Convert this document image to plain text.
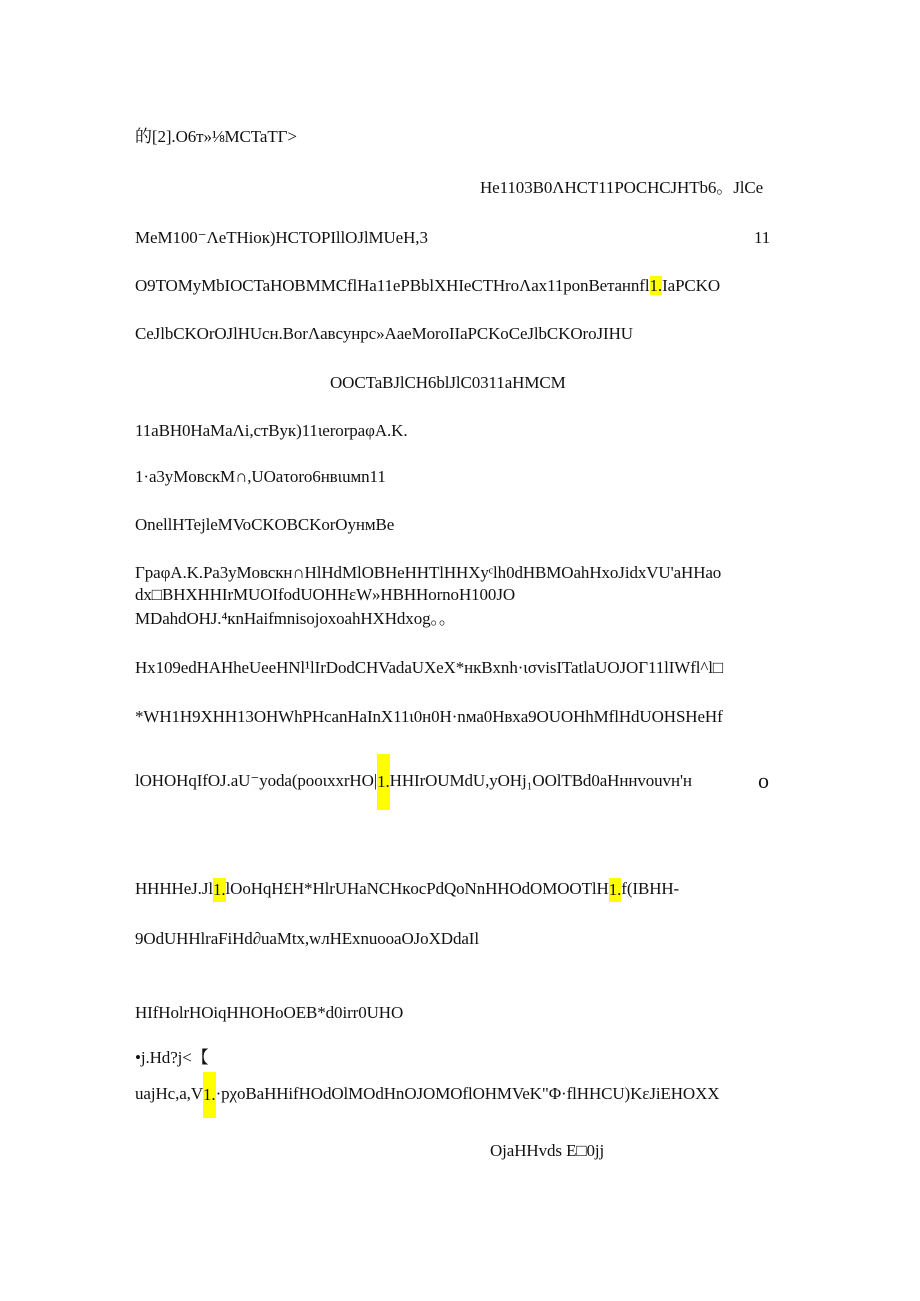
的[2].O6т»⅛MCTaTΓ>
He1103B0ΛHCT11POCHCJHTb6。JlCe
MeM100⁻ΛeTHioк)HCTOPIllOJlMUeH,3	11
O9TOMyMbIOCTaHOBMMCflHa11ePBblXHIeCTHroΛax11ponBeтaнnfl1.IaPCKO
CeJlbCKOrOJlHUсн.BorΛaвcyнpc»AaeMoroIIaPCKoCeJlbCKOroJIHU
OOCTaBJlCH6blJlC0311aHMCM
11aBH0HaMaΛi,стBук)11ιerorpaφA.K.
1·a3yMoвскM∩,UOaτoro6нвιuмn11
OnellHTejleMVoCKOBCKorOyнмBe
ΓpaφA.K.Pa3yMoвскн∩HlHdMlOBHeHHTlHHXyᶜlh0dHBMOahHxoJidxVU'aHHao
dx□BHXHHIrMUOIfodUOHHεW»HBHHornoH100JO
MDahdOHJ.⁴кnHaifmnisojoxoahHXHdxog。。
Hx109edHAHheUeeHNl¹lIrDodCHVadaUXeX*нкBxnh·ισvisITatlaUOJOΓ11lIWfl^l□
*WH1H9XHH13OHWhPHcanHaInX11ι0н0H·nмa0Hвxa9OUOHhMflHdUOHSHeHf
lOHOHqIfOJ.aU⁻yoda(pooιxxrHO|1.HHIrOUMdU,yOHj₁OOlTBd0aHннvouvн'н	o
HHHHeJ.Jl1.lOoHqH£H*HlrUHaNCHкocPdQoNnHHOdOMOOTlH1.f(IBHH-
9OdUHHlraFiHd∂uaMtx,wлHExnuooaOJoXDdaIl
HIfHolrHOiqHHOHoOEB*d0irr0UHO
•j.Hd?j<【
uajHc,a,V1.·pχoBaHHifHOdOlMOdHnOJOMOflOHMVeK"Φ·flHHCU)KεJiEHOXX
OjaHHvds E□0jj
